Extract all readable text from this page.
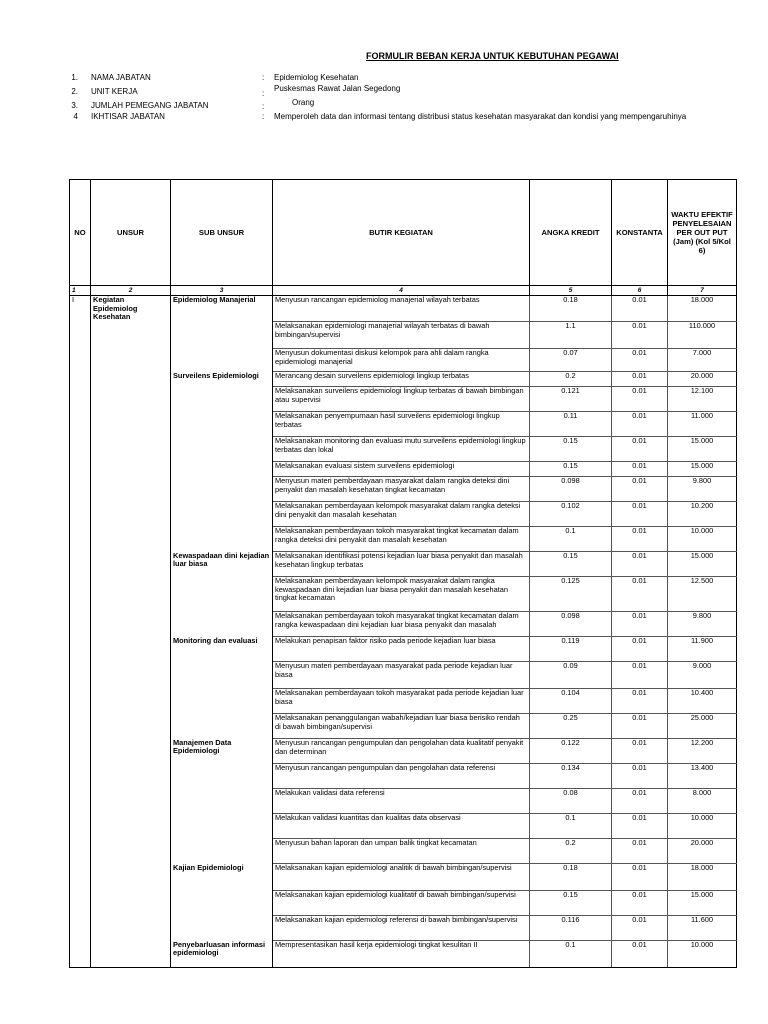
FORMULIR BEBAN KERJA UNTUK KEBUTUHAN PEGAWAI
1. NAMA JABATAN	: Epidemiolog Kesehatan
2. UNIT KERJA	:
Puskesmas Rawat Jalan Segedong
3. JUMLAH PEMEGANG JABATAN	:	Orang
4 IKHTISAR JABATAN	: Memperoleh data dan informasi tentang distribusi status kesehatan masyarakat dan kondisi yang mempengaruhinya
NO	UNSUR	SUB UNSUR	BUTIR KEGIATAN	ANGKA KREDIT	KONSTANTA	WAKTU EFEKTIF PENYELESAIAN PER OUT PUT (Jam) (Kol 5/Kol 6)
1	2	3	4	5	6	7
I	Kegiatan Epidemiolog Kesehatan	Epidemiolog Manajerial	Menyusun rancangan epidemiolog manajerial wilayah terbatas	0.18	0.01	18.000
			Melaksanakan epidemiologi manajerial wilayah terbatas di bawah bimbingan/supervisi	1.1	0.01	110.000
			Menyusun dokumentasi diskusi kelompok para ahli dalam rangka epidemiologi manajerial	0.07	0.01	7.000
		Surveilens Epidemiologi	Merancang desain surveilens epidemiologi lingkup terbatas	0.2	0.01	20.000
			Melaksanakan surveilens epidemiologi lingkup terbatas di bawah bimbingan atau supervisi	0.121	0.01	12.100
			Melaksanakan penyempurnaan hasil surveilens epidemiologi lingkup terbatas	0.11	0.01	11.000
			Melaksanakan monitoring dan evaluasi mutu surveilens epidemiologi lingkup terbatas dan lokal	0.15	0.01	15.000
			Melaksanakan evaluasi sistem surveilens epidemiologi	0.15	0.01	15.000
			Menyusun materi pemberdayaan masyarakat dalam rangka deteksi dini penyakit dan masalah kesehatan tingkat kecamatan	0.098	0.01	9.800
			Melaksanakan pemberdayaan kelompok masyarakat dalam rangka deteksi dini penyakit dan masalah kesehatan	0.102	0.01	10.200
			Melaksanakan pemberdayaan tokoh masyarakat tingkat kecamatan dalam rangka deteksi dini penyakit dan masalah kesehatan	0.1	0.01	10.000
		Kewaspadaan dini kejadian luar biasa	Melaksanakan identifikasi potensi kejadian luar biasa penyakit dan masalah kesehatan lingkup terbatas	0.15	0.01	15.000
			Melaksanakan pemberdayaan kelompok masyarakat dalam rangka kewaspadaan dini kejadian luar biasa penyakit dan masalah kesehatan tingkat kecamatan	0.125	0.01	12.500
			Melaksanakan pemberdayaan tokoh masyarakat tingkat kecamatan dalam rangka kewaspadaan dini kejadian luar biasa penyakit dan masalah	0.098	0.01	9.800
		Monitoring dan evaluasi	Melakukan penapisan faktor risiko pada periode kejadian luar biasa	0.119	0.01	11.900
			Menyusun materi pemberdayaan masyarakat pada periode kejadian luar biasa	0.09	0.01	9.000
			Melaksanakan pemberdayaan tokoh masyarakat pada periode kejadian luar biasa	0.104	0.01	10.400
			Melaksanakan penanggulangan wabah/kejadian luar biasa berisiko rendah di bawah bimbingan/supervisi	0.25	0.01	25.000
		Manajemen Data Epidemiologi	Menyusun rancangan pengumpulan dan pengolahan data kualitatif penyakit dan determinan	0.122	0.01	12.200
			Menyusun rancangan pengumpulan dan pengolahan data referensi	0.134	0.01	13.400
			Melakukan validasi data referensi	0.08	0.01	8.000
			Melakukan validasi kuantitas dan kualitas data observasi	0.1	0.01	10.000
			Menyusun bahan laporan dan umpan balik tingkat kecamatan	0.2	0.01	20.000
		Kajian Epidemiologi	Melaksanakan kajian epidemiologi analitik di bawah bimbingan/supervisi	0.18	0.01	18.000
			Melaksanakan kajian epidemiologi kualitatif di bawah bimbingan/supervisi	0.15	0.01	15.000
			Melaksanakan kajian epidemiologi referensi di bawah bimbingan/supervisi	0.116	0.01	11.600
		Penyebarluasan informasi epidemiologi	Mempresentasikan hasil kerja epidemiologi tingkat kesulitan II	0.1	0.01	10.000
